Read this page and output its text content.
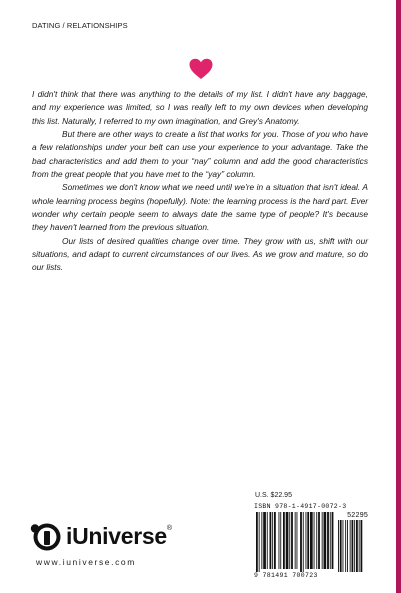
DATING / RELATIONSHIPS

I didn't think that there was anything to the details of my list. I didn't have any baggage, and my experience was limited, so I was really left to my own devices when developing this list. Naturally, I referred to my own imagination, and Grey's Anatomy.

But there are other ways to create a list that works for you. Those of you who have a few relationships under your belt can use your experience to your advantage. Take the bad characteristics and add them to your “nay” column and add the good characteristics from the great people that you have met to the “yay” column.

Sometimes we don't know what we need until we're in a situation that isn't ideal. A whole learning process begins (hopefully). Note: the learning process is the hard part. Ever wonder why certain people seem to always date the same type of people? It's because they haven't learned from the previous situation.

Our lists of desired qualities change over time. They grow with us, shift with our situations, and adapt to current circumstances of our lives. As we grow and mature, so do our lists.

U.S. $22.95
ISBN 978-1-4917-0072-3
52295
9 781491 700723
iUniverse®
www.iuniverse.com
